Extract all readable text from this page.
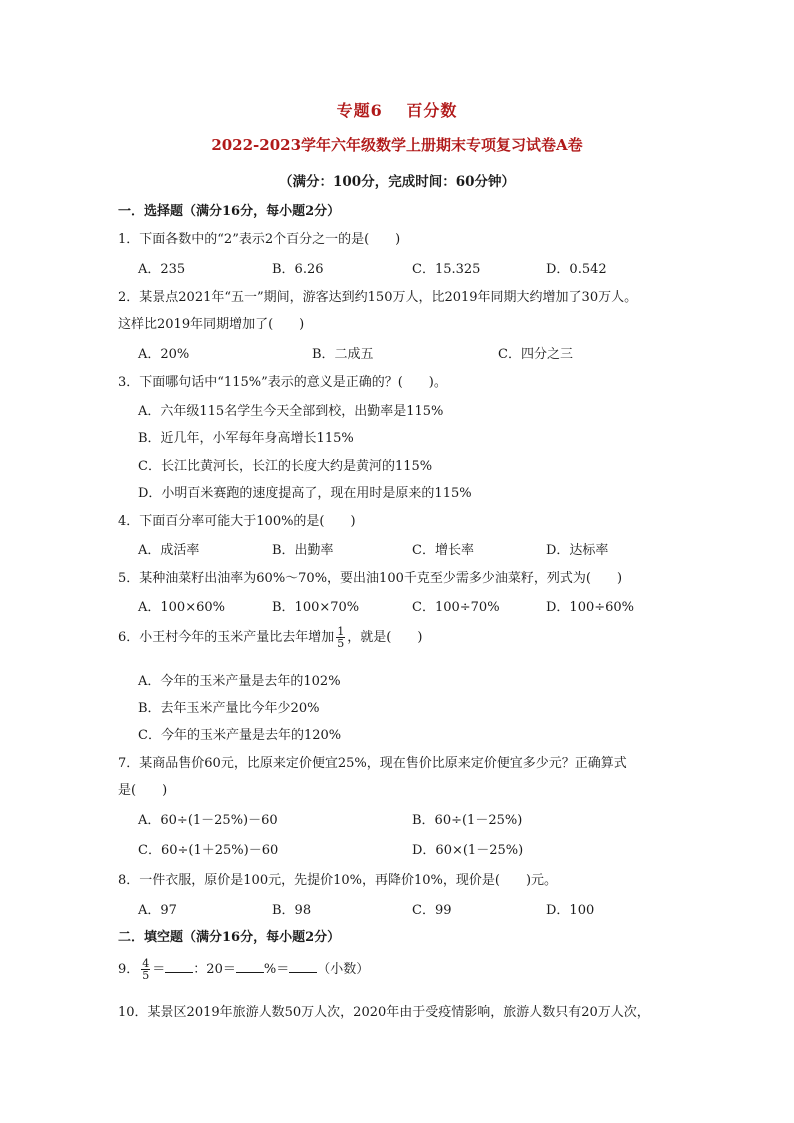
专题6　 百分数
2022-2023学年六年级数学上册期末专项复习试卷A卷
（满分：100分，完成时间：60分钟）
一．选择题（满分16分，每小题2分）
1．下面各数中的“2”表示2个百分之一的是(　　)
A．235	B．6.26	C．15.325	D．0.542
2．某景点2021年“五一”期间，游客达到约150万人，比2019年同期大约增加了30万人。
这样比2019年同期增加了(　　)
A．20%	B．二成五	C．四分之三
3．下面哪句话中“115%”表示的意义是正确的？(　　)。
A．六年级115名学生今天全部到校，出勤率是115%
B．近几年，小军每年身高增长115%
C．长江比黄河长，长江的长度大约是黄河的115%
D．小明百米赛跑的速度提高了，现在用时是原来的115%
4．下面百分率可能大于100%的是(　　)
A．成活率	B．出勤率	C．增长率	D．达标率
5．某种油菜籽出油率为60%～70%，要出油100千克至少需多少油菜籽，列式为(　　)
A．100×60%	B．100×70%	C．100÷70%	D．100÷60%
6．小王村今年的玉米产量比去年增加 $\frac{1}{5}$ ，就是(　　)
A．今年的玉米产量是去年的102%
B．去年玉米产量比今年少20%
C．今年的玉米产量是去年的120%
7．某商品售价60元，比原来定价便宜25%，现在售价比原来定价便宜多少元？正确算式
是(　　)
A．60÷(1－25%)－60	B．60÷(1－25%)
C．60÷(1＋25%)－60	D．60×(1－25%)
8．一件衣服，原价是100元，先提价10%，再降价10%，现价是(　　)元。
A．97	B．98	C．99	D．100
二．填空题（满分16分，每小题2分）
9． $\frac{4}{5}$ ＝ ：20＝ %＝ （小数）
10．某景区2019年旅游人数50万人次，2020年由于受疫情影响，旅游人数只有20万人次，
